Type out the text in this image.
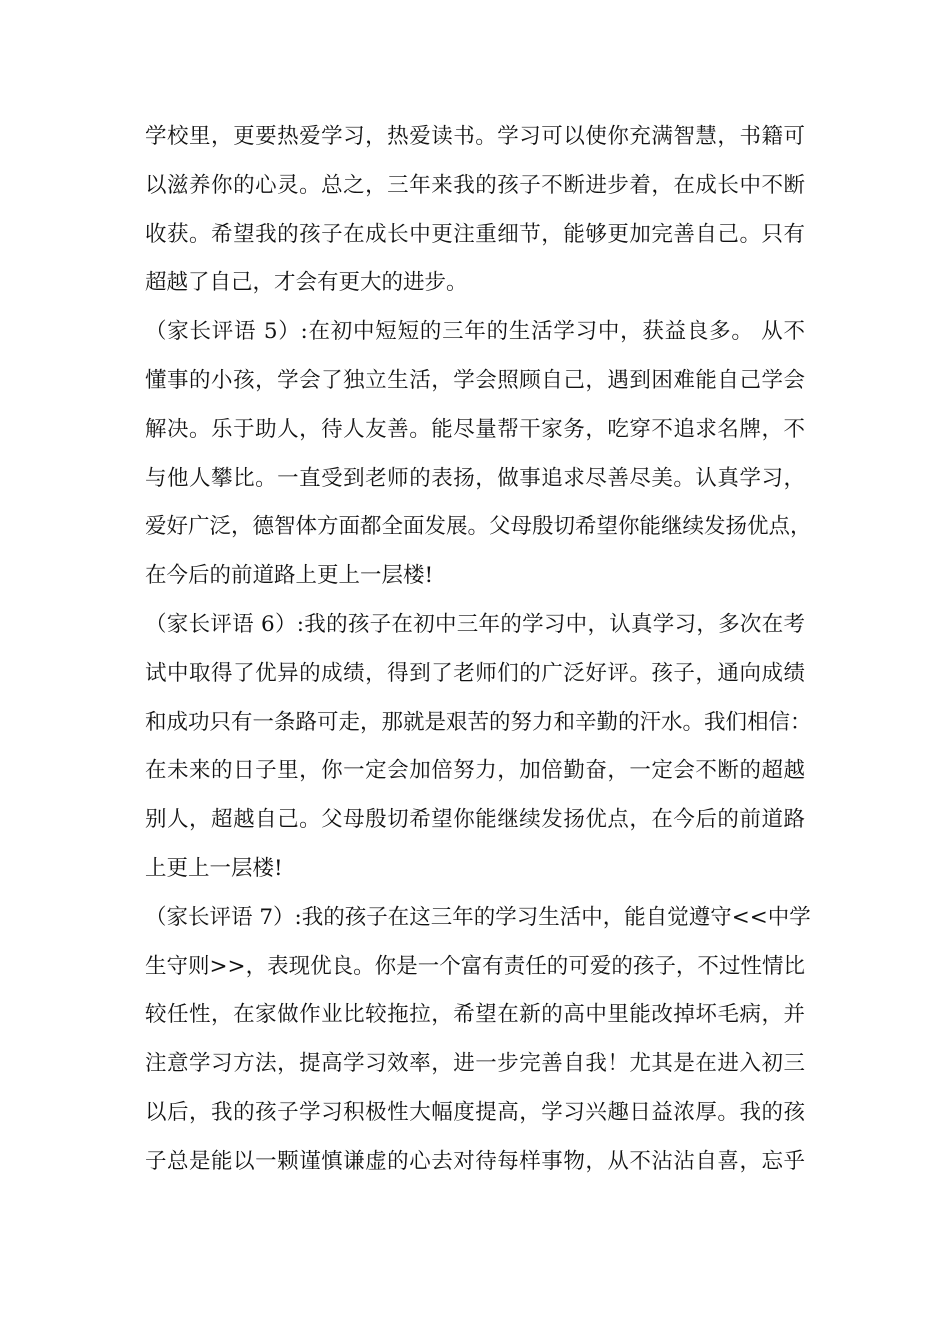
学校里，更要热爱学习，热爱读书。学习可以使你充满智慧，书籍可
以滋养你的心灵。总之，三年来我的孩子不断进步着，在成长中不断
收获。希望我的孩子在成长中更注重细节，能够更加完善自己。只有
超越了自己，才会有更大的进步。
（家长评语 5）:在初中短短的三年的生活学习中，获益良多。 从不
懂事的小孩，学会了独立生活，学会照顾自己，遇到困难能自己学会
解决。乐于助人，待人友善。能尽量帮干家务，吃穿不追求名牌，不
与他人攀比。一直受到老师的表扬，做事追求尽善尽美。认真学习，
爱好广泛，德智体方面都全面发展。父母殷切希望你能继续发扬优点，
在今后的前道路上更上一层楼!
（家长评语 6）:我的孩子在初中三年的学习中，认真学习，多次在考
试中取得了优异的成绩，得到了老师们的广泛好评。孩子，通向成绩
和成功只有一条路可走，那就是艰苦的努力和辛勤的汗水。我们相信：
在未来的日子里，你一定会加倍努力，加倍勤奋，一定会不断的超越
别人，超越自己。父母殷切希望你能继续发扬优点，在今后的前道路
上更上一层楼!
（家长评语 7）:我的孩子在这三年的学习生活中，能自觉遵守<<中学
生守则>>，表现优良。你是一个富有责任的可爱的孩子，不过性情比
较任性，在家做作业比较拖拉，希望在新的高中里能改掉坏毛病，并
注意学习方法，提高学习效率，进一步完善自我！尤其是在进入初三
以后，我的孩子学习积极性大幅度提高，学习兴趣日益浓厚。我的孩
子总是能以一颗谨慎谦虚的心去对待每样事物，从不沾沾自喜，忘乎
